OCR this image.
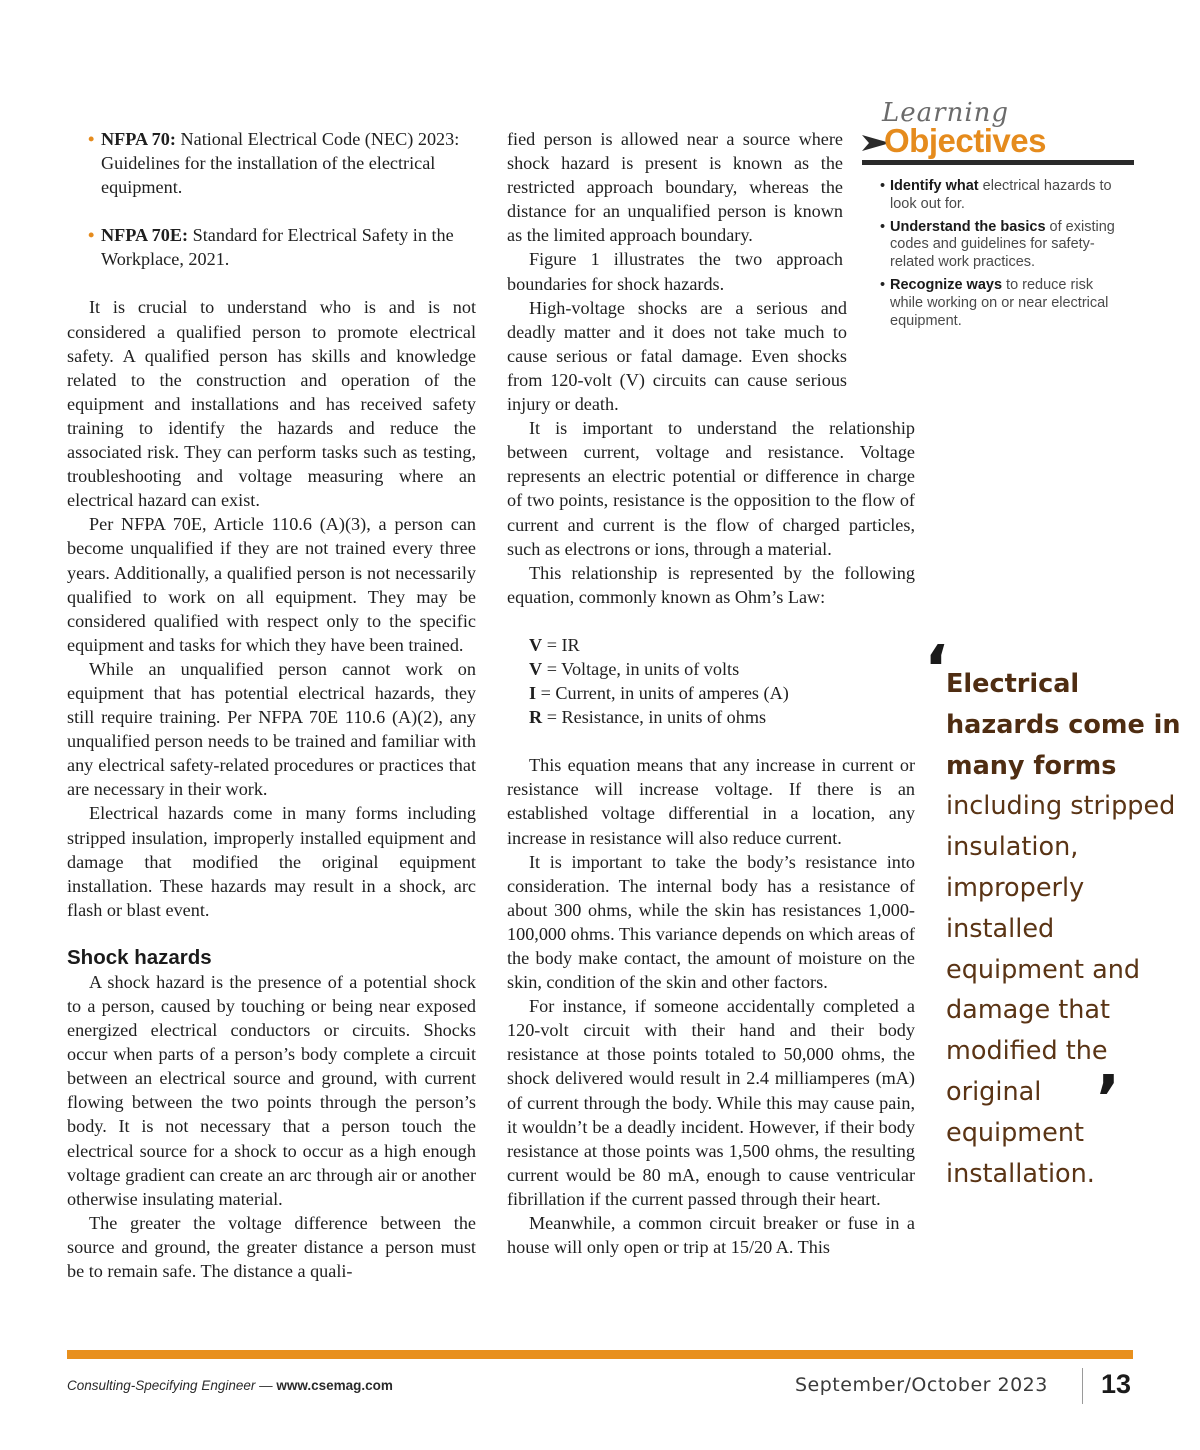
• NFPA 70: National Electrical Code (NEC) 2023: Guidelines for the installation of the electrical equipment.
• NFPA 70E: Standard for Electrical Safety in the Workplace, 2021.

It is crucial to understand who is and is not considered a qualified person to promote electrical safety. A qualified person has skills and knowledge related to the construction and operation of the equipment and installations and has received safety training to identify the hazards and reduce the associated risk. They can perform tasks such as testing, troubleshooting and voltage measuring where an electrical hazard can exist.

Per NFPA 70E, Article 110.6 (A)(3), a person can become unqualified if they are not trained every three years. Additionally, a qualified person is not necessarily qualified to work on all equipment. They may be considered qualified with respect only to the specific equipment and tasks for which they have been trained.

While an unqualified person cannot work on equipment that has potential electrical hazards, they still require training. Per NFPA 70E 110.6 (A)(2), any unqualified person needs to be trained and familiar with any electrical safety-related procedures or practices that are necessary in their work.

Electrical hazards come in many forms including stripped insulation, improperly installed equipment and damage that modified the original equipment installation. These hazards may result in a shock, arc flash or blast event.

Shock hazards

A shock hazard is the presence of a potential shock to a person, caused by touching or being near exposed energized electrical conductors or circuits. Shocks occur when parts of a person’s body complete a circuit between an electrical source and ground, with current flowing between the two points through the person’s body. It is not necessary that a person touch the electrical source for a shock to occur as a high enough voltage gradient can create an arc through air or another otherwise insulating material.

The greater the voltage difference between the source and ground, the greater distance a person must be to remain safe. The distance a quali-

fied person is allowed near a source where shock hazard is present is known as the restricted approach boundary, whereas the distance for an unqualified person is known as the limited approach boundary.

Figure 1 illustrates the two approach boundaries for shock hazards.

High-voltage shocks are a serious and deadly matter and it does not take much to cause serious or fatal damage. Even shocks from 120-volt (V) circuits can cause serious injury or death.

It is important to understand the relationship between current, voltage and resistance. Voltage represents an electric potential or difference in charge of two points, resistance is the opposition to the flow of current and current is the flow of charged particles, such as electrons or ions, through a material.

This relationship is represented by the following equation, commonly known as Ohm’s Law:

V = IR
V = Voltage, in units of volts
I = Current, in units of amperes (A)
R = Resistance, in units of ohms

This equation means that any increase in current or resistance will increase voltage. If there is an established voltage differential in a location, any increase in resistance will also reduce current.

It is important to take the body’s resistance into consideration. The internal body has a resistance of about 300 ohms, while the skin has resistances 1,000-100,000 ohms. This variance depends on which areas of the body make contact, the amount of moisture on the skin, condition of the skin and other factors.

For instance, if someone accidentally completed a 120-volt circuit with their hand and their body resistance at those points totaled to 50,000 ohms, the shock delivered would result in 2.4 milliamperes (mA) of current through the body. While this may cause pain, it wouldn’t be a deadly incident. However, if their body resistance at those points was 1,500 ohms, the resulting current would be 80 mA, enough to cause ventricular fibrillation if the current passed through their heart.

Meanwhile, a common circuit breaker or fuse in a house will only open or trip at 15/20 A. This

Learning
Objectives
• Identify what electrical hazards to look out for.
• Understand the basics of existing codes and guidelines for safety-related work practices.
• Recognize ways to reduce risk while working on or near electrical equipment.
‘
Electrical hazards come in many forms including stripped insulation, improperly installed equipment and damage that modified the original equipment installation.
’
Consulting-Specifying Engineer — www.csemag.com	September/October 2023 13
